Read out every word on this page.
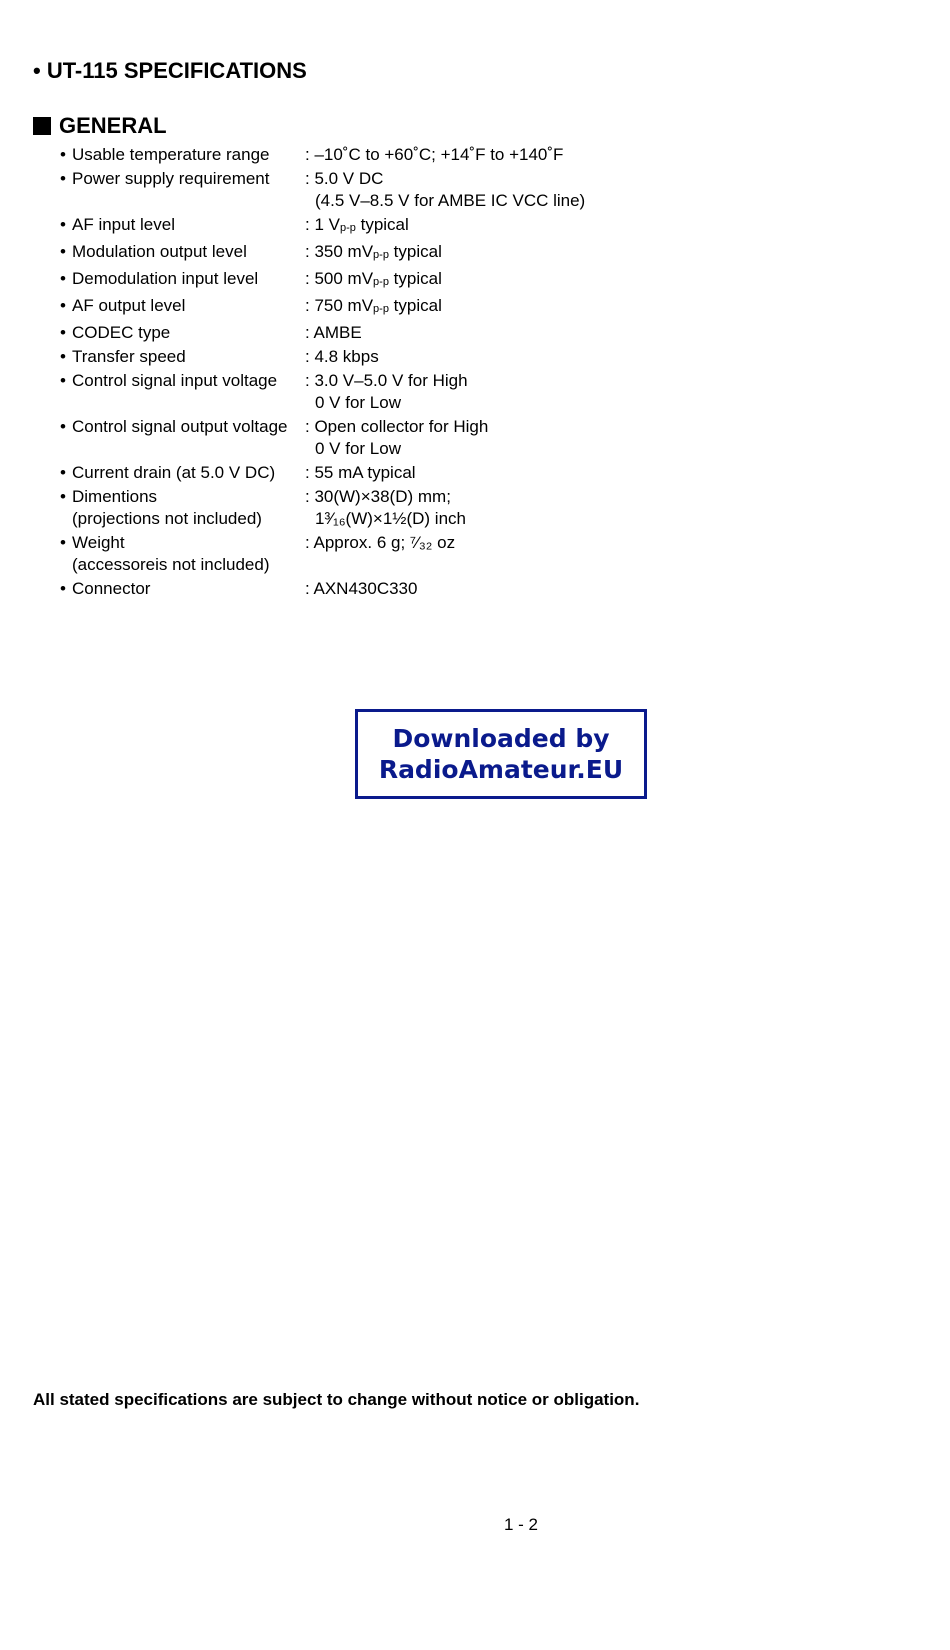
• UT-115 SPECIFICATIONS
GENERAL
• Usable temperature range	: –10˚C to +60˚C; +14˚F to +140˚F
• Power supply requirement	: 5.0 V DC
(4.5 V–8.5 V for AMBE IC VCC line)
• AF input level	: 1 $V_{p-p}$ typical
• Modulation output level	: 350 $mV_{p-p}$ typical
• Demodulation input level	: 500 $mV_{p-p}$ typical
• AF output level	: 750 $mV_{p-p}$ typical
• CODEC type	: AMBE
• Transfer speed	: 4.8 kbps
• Control signal input voltage	: 3.0 V–5.0 V for High
0 V for Low
• Control signal output voltage	: Open collector for High
0 V for Low
• Current drain (at 5.0 V DC)	: 55 mA typical
• Dimentions
(projections not included)
: 30(W)×38(D) mm;
1³⁄₁₆(W)×1½(D) inch
• Weight
(accessoreis not included)
: Approx. 6 g; ⁷⁄₃₂ oz
• Connector	: AXN430C330
Downloaded by
RadioAmateur.EU
All stated specifications are subject to change without notice or obligation.
1 - 2
